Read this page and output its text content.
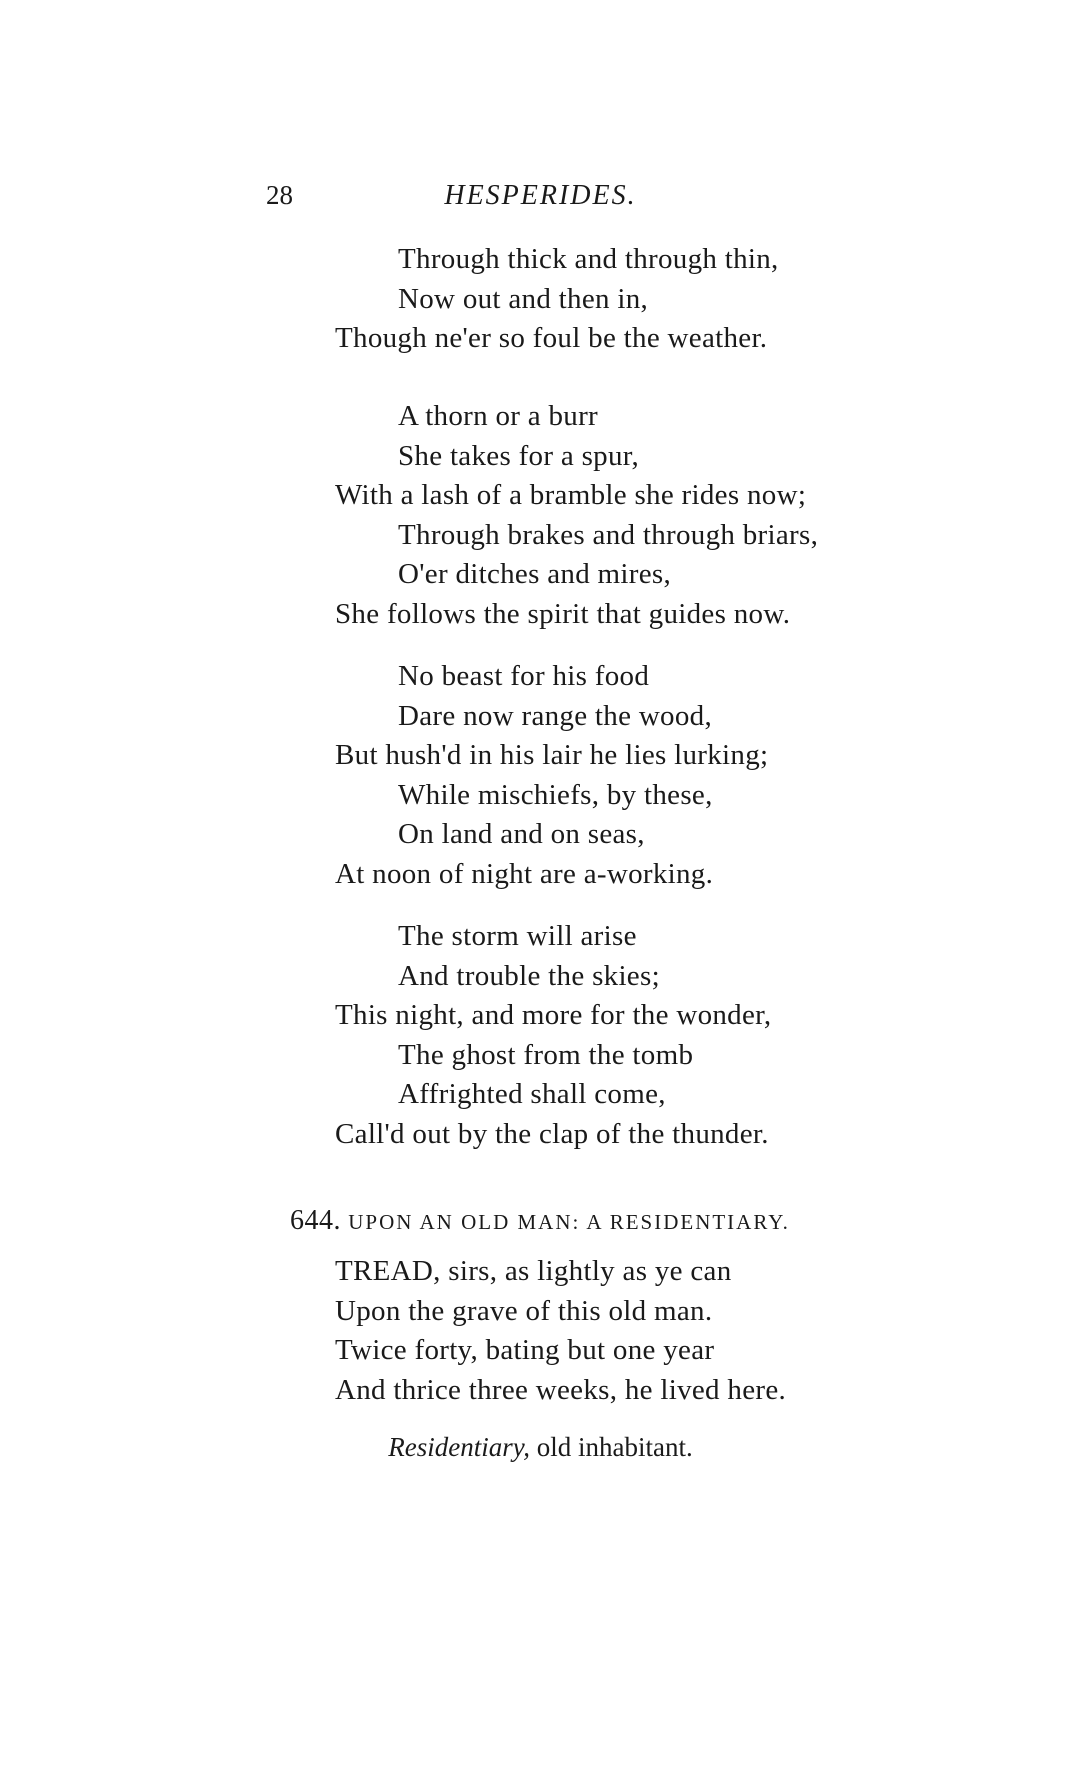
28	HESPERIDES.
Through thick and through thin,
Now out and then in,
Though ne'er so foul be the weather.
A thorn or a burr
She takes for a spur,
With a lash of a bramble she rides now;
Through brakes and through briars,
O'er ditches and mires,
She follows the spirit that guides now.
No beast for his food
Dare now range the wood,
But hush'd in his lair he lies lurking;
While mischiefs, by these,
On land and on seas,
At noon of night are a-working.
The storm will arise
And trouble the skies;
This night, and more for the wonder,
The ghost from the tomb
Affrighted shall come,
Call'd out by the clap of the thunder.
644. UPON AN OLD MAN: A RESIDENTIARY.
TREAD, sirs, as lightly as ye can
Upon the grave of this old man.
Twice forty, bating but one year
And thrice three weeks, he lived here.
Residentiary, old inhabitant.
